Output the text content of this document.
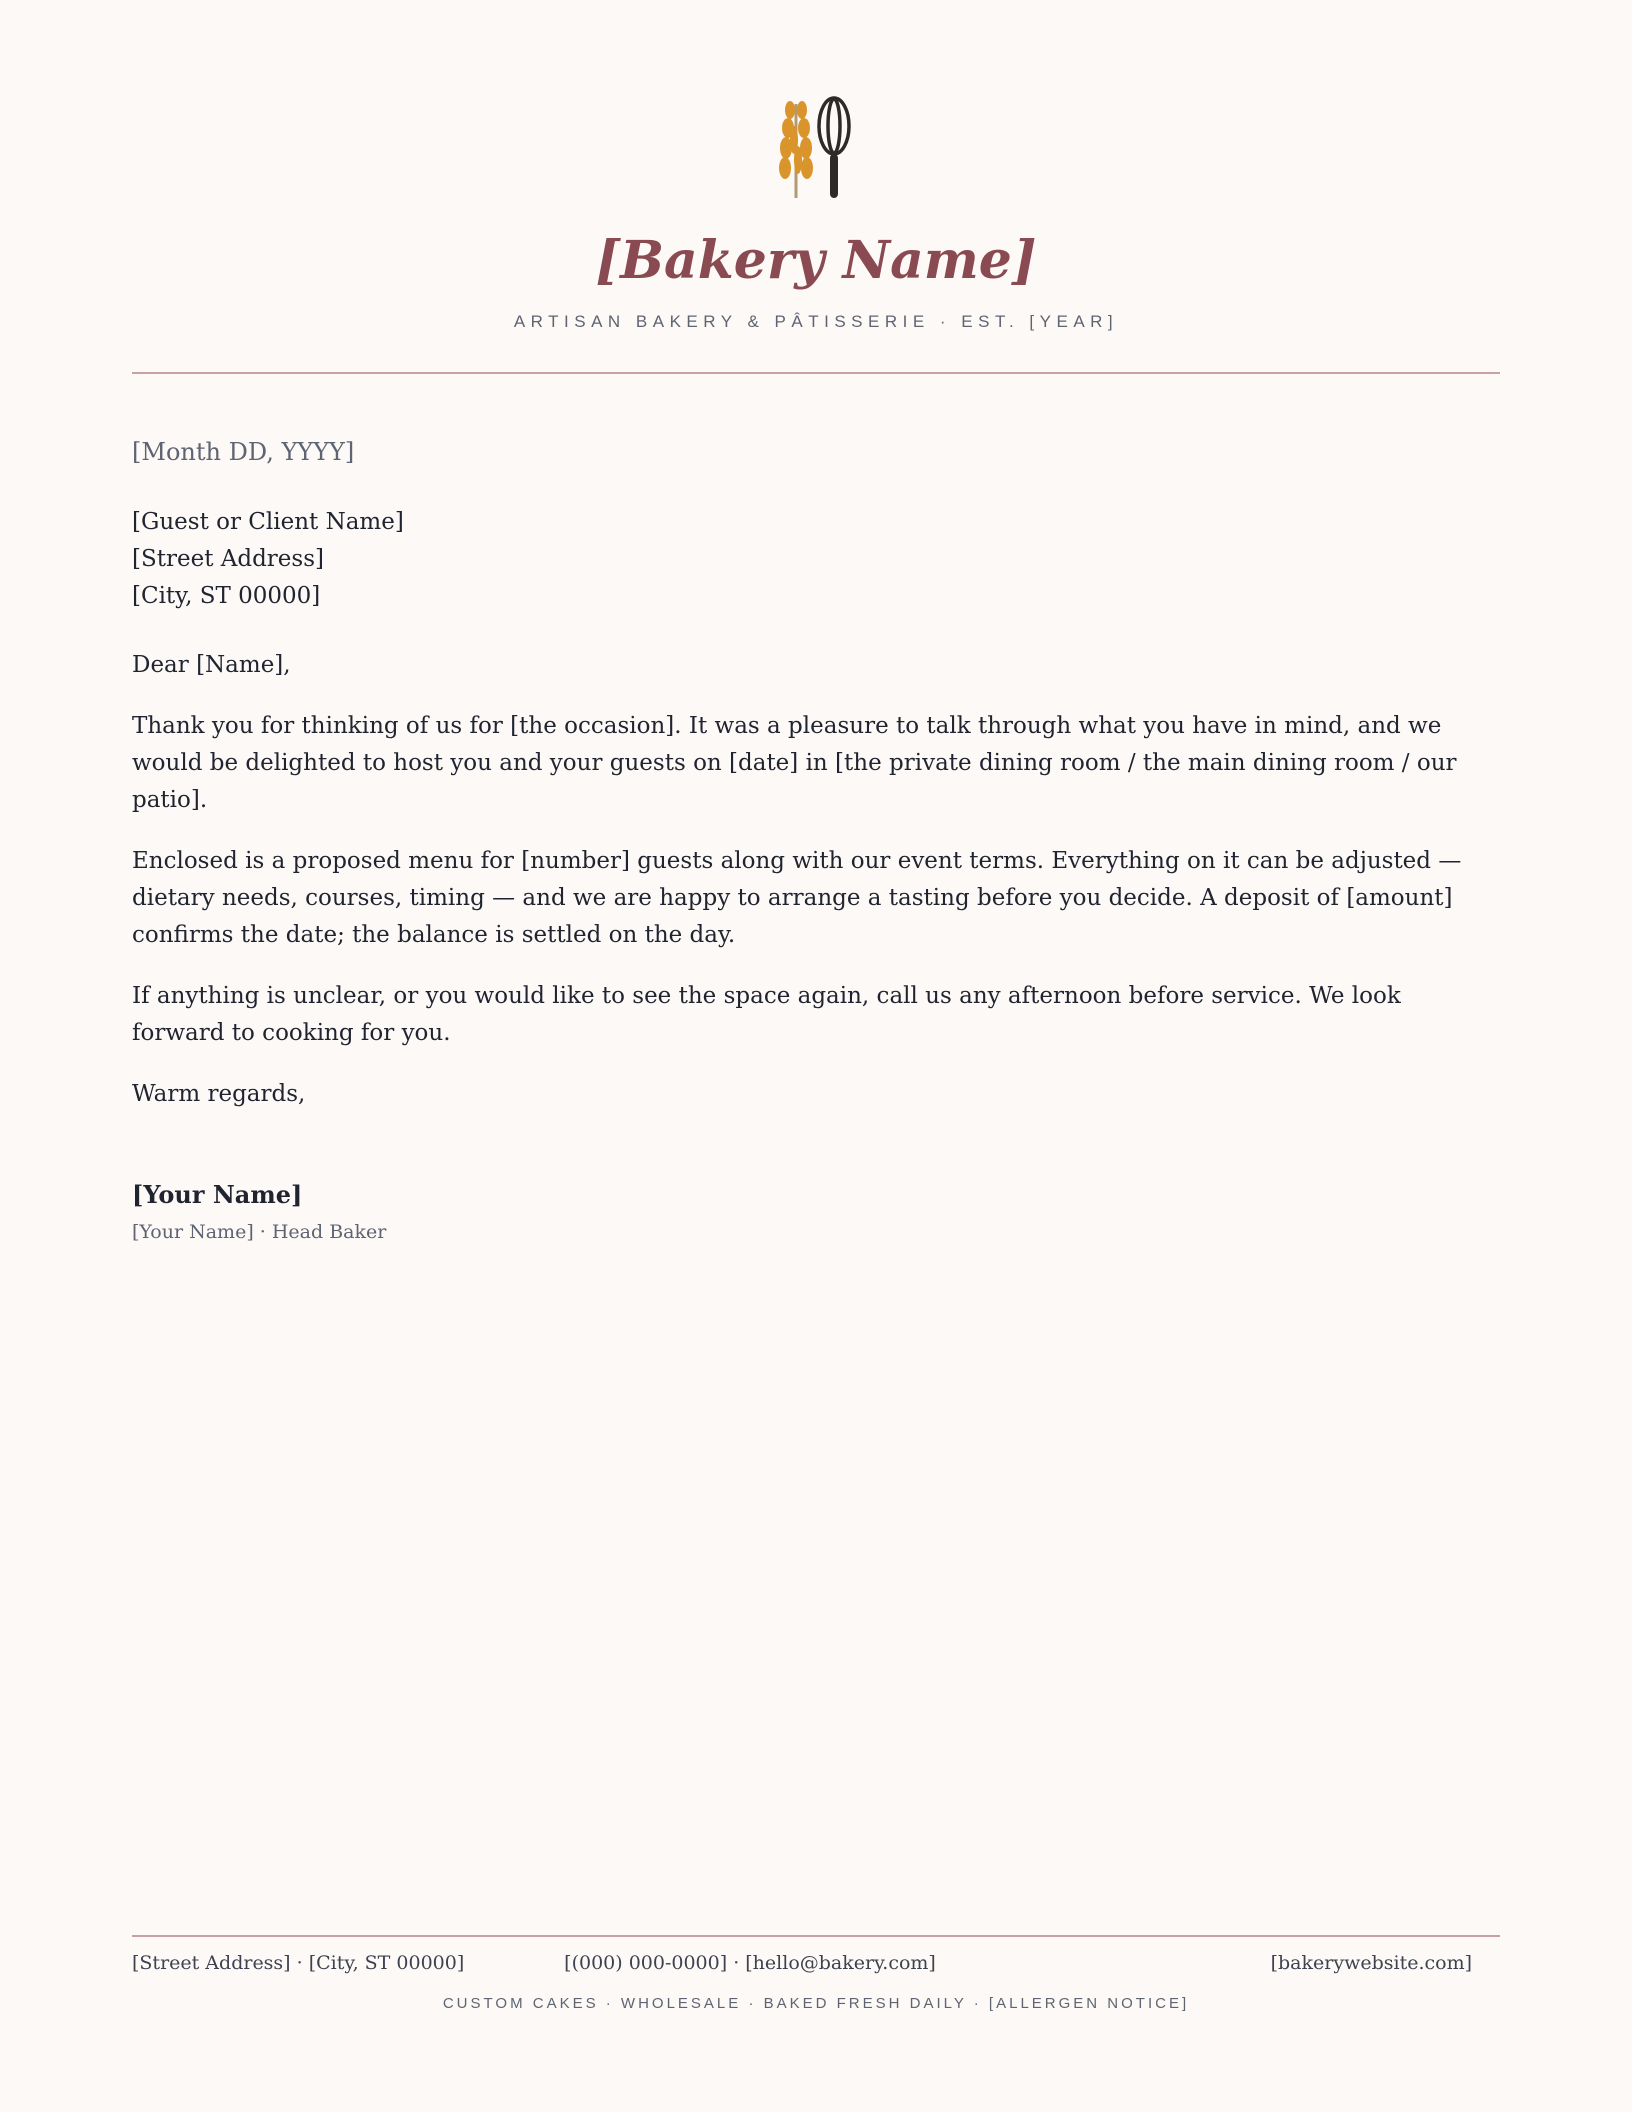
[Bakery Name]
ARTISAN BAKERY & PÂTISSERIE · EST. [YEAR]
[Month DD, YYYY]
[Guest or Client Name]
[Street Address]
[City, ST 00000]

Dear [Name],

Thank you for thinking of us for [the occasion]. It was a pleasure to talk through what you have in mind, and we would be delighted to host you and your guests on [date] in [the private dining room / the main dining room / our patio].

Enclosed is a proposed menu for [number] guests along with our event terms. Everything on it can be adjusted — dietary needs, courses, timing — and we are happy to arrange a tasting before you decide. A deposit of [amount] confirms the date; the balance is settled on the day.

If anything is unclear, or you would like to see the space again, call us any afternoon before service. We look forward to cooking for you.

Warm regards,

[Your Name]
[Your Name] · Head Baker
[Street Address] · [City, ST 00000]	[(000) 000-0000] · [hello@bakery.com]	[bakerywebsite.com]
CUSTOM CAKES · WHOLESALE · BAKED FRESH DAILY · [ALLERGEN NOTICE]
